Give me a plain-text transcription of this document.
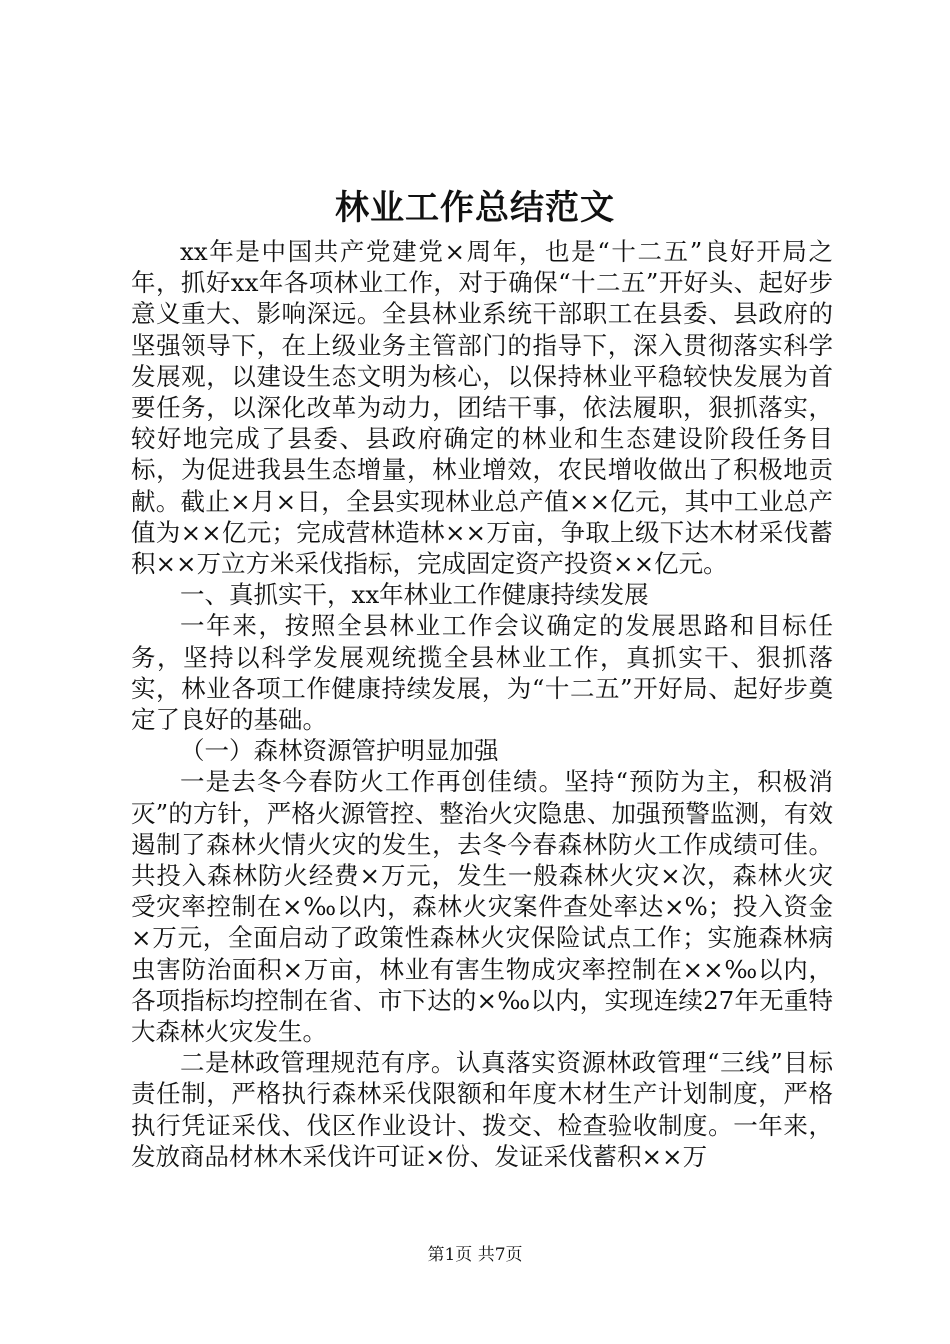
林业工作总结范文

xx年是中国共产党建党×周年，也是“十二五”良好开局之年，抓好xx年各项林业工作，对于确保“十二五”开好头、起好步意义重大、影响深远。全县林业系统干部职工在县委、县政府的坚强领导下，在上级业务主管部门的指导下，深入贯彻落实科学发展观，以建设生态文明为核心，以保持林业平稳较快发展为首要任务，以深化改革为动力，团结干事，依法履职，狠抓落实，较好地完成了县委、县政府确定的林业和生态建设阶段任务目标，为促进我县生态增量，林业增效，农民增收做出了积极地贡献。截止×月×日，全县实现林业总产值××亿元，其中工业总产值为××亿元；完成营林造林××万亩，争取上级下达木材采伐蓄积××万立方米采伐指标，完成固定资产投资××亿元。

一、真抓实干，xx年林业工作健康持续发展

一年来，按照全县林业工作会议确定的发展思路和目标任务，坚持以科学发展观统揽全县林业工作，真抓实干、狠抓落实，林业各项工作健康持续发展，为“十二五”开好局、起好步奠定了良好的基础。

（一）森林资源管护明显加强

一是去冬今春防火工作再创佳绩。坚持“预防为主，积极消灭”的方针，严格火源管控、整治火灾隐患、加强预警监测，有效遏制了森林火情火灾的发生，去冬今春森林防火工作成绩可佳。共投入森林防火经费×万元，发生一般森林火灾×次，森林火灾受灾率控制在×‰以内，森林火灾案件查处率达×%；投入资金×万元，全面启动了政策性森林火灾保险试点工作；实施森林病虫害防治面积×万亩，林业有害生物成灾率控制在××‰以内，各项指标均控制在省、市下达的×‰以内，实现连续27年无重特大森林火灾发生。

二是林政管理规范有序。认真落实资源林政管理“三线”目标责任制，严格执行森林采伐限额和年度木材生产计划制度，严格执行凭证采伐、伐区作业设计、拨交、检查验收制度。一年来，发放商品材林木采伐许可证×份、发证采伐蓄积××万

第1页 共7页
